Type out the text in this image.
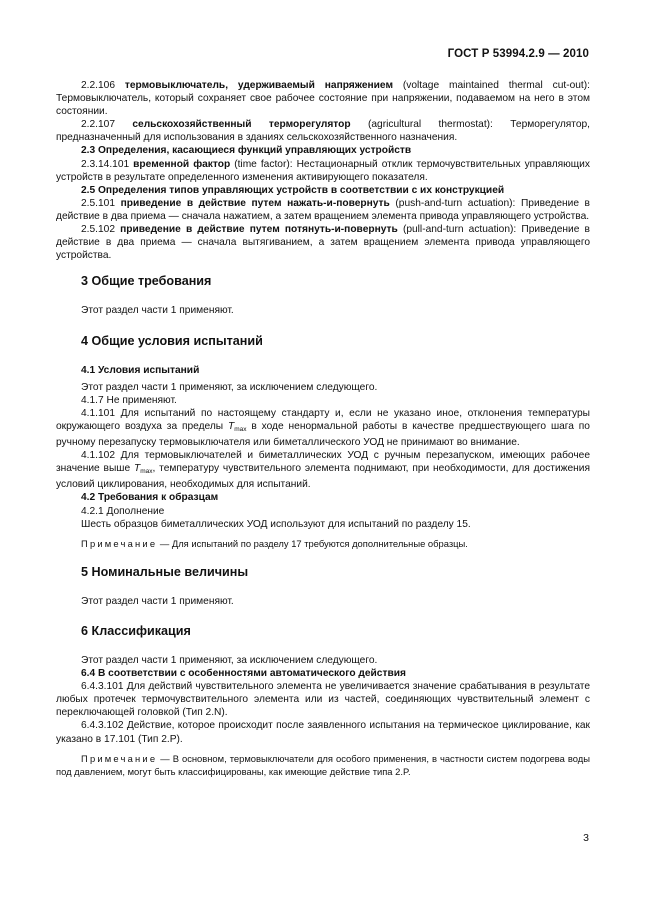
ГОСТ Р 53994.2.9 — 2010

2.2.106 термовыключатель, удерживаемый напряжением (voltage maintained thermal cut-out): Термовыключатель, который сохраняет свое рабочее состояние при напряжении, подаваемом на него в этом состоянии.

2.2.107 сельскохозяйственный терморегулятор (agricultural thermostat): Терморегулятор, предназначенный для использования в зданиях сельскохозяйственного назначения.

2.3 Определения, касающиеся функций управляющих устройств

2.3.14.101 временной фактор (time factor): Нестационарный отклик термочувствительных управляющих устройств в результате определенного изменения активирующего показателя.

2.5 Определения типов управляющих устройств в соответствии с их конструкцией

2.5.101 приведение в действие путем нажать-и-повернуть (push-and-turn actuation): Приведение в действие в два приема — сначала нажатием, а затем вращением элемента привода управляющего устройства.

2.5.102 приведение в действие путем потянуть-и-повернуть (pull-and-turn actuation): Приведение в действие в два приема — сначала вытягиванием, а затем вращением элемента привода управляющего устройства.

3 Общие требования

Этот раздел части 1 применяют.

4 Общие условия испытаний

4.1 Условия испытаний

Этот раздел части 1 применяют, за исключением следующего.

4.1.7 Не применяют.

4.1.101 Для испытаний по настоящему стандарту и, если не указано иное, отклонения температуры окружающего воздуха за пределы $T_{max}$ в ходе ненормальной работы в качестве предшествующего шага по ручному перезапуску термовыключателя или биметаллического УОД не принимают во внимание.

4.1.102 Для термовыключателей и биметаллических УОД с ручным перезапуском, имеющих рабочее значение выше $T_{max}$, температуру чувствительного элемента поднимают, при необходимости, для достижения условий циклирования, необходимых для испытаний.

4.2 Требования к образцам

4.2.1 Дополнение

Шесть образцов биметаллических УОД используют для испытаний по разделу 15.

Примечание — Для испытаний по разделу 17 требуются дополнительные образцы.

5 Номинальные величины

Этот раздел части 1 применяют.

6 Классификация

Этот раздел части 1 применяют, за исключением следующего.

6.4 В соответствии с особенностями автоматического действия

6.4.3.101 Для действий чувствительного элемента не увеличивается значение срабатывания в результате любых протечек термочувствительного элемента или из частей, соединяющих чувствительный элемент с переключающей головкой (Тип 2.N).

6.4.3.102 Действие, которое происходит после заявленного испытания на термическое циклирование, как указано в 17.101 (Тип 2.P).

Примечание — В основном, термовыключатели для особого применения, в частности систем подогрева воды под давлением, могут быть классифицированы, как имеющие действие типа 2.P.

3
